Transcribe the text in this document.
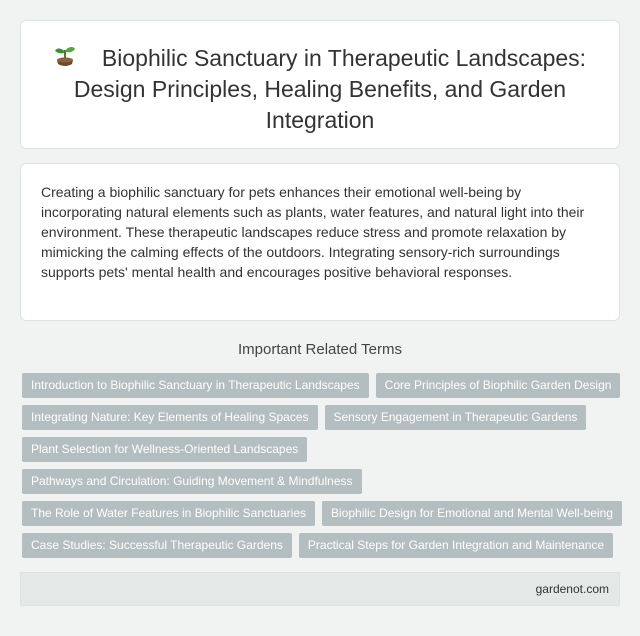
Biophilic Sanctuary in Therapeutic Landscapes: Design Principles, Healing Benefits, and Garden Integration

Creating a biophilic sanctuary for pets enhances their emotional well-being by incorporating natural elements such as plants, water features, and natural light into their environment. These therapeutic landscapes reduce stress and promote relaxation by mimicking the calming effects of the outdoors. Integrating sensory-rich surroundings supports pets' mental health and encourages positive behavioral responses.

Important Related Terms
Introduction to Biophilic Sanctuary in Therapeutic Landscapes	Core Principles of Biophilic Garden Design
Integrating Nature: Key Elements of Healing Spaces	Sensory Engagement in Therapeutic Gardens
Plant Selection for Wellness-Oriented Landscapes
Pathways and Circulation: Guiding Movement & Mindfulness
The Role of Water Features in Biophilic Sanctuaries	Biophilic Design for Emotional and Mental Well-being
Case Studies: Successful Therapeutic Gardens	Practical Steps for Garden Integration and Maintenance
gardenot.com
